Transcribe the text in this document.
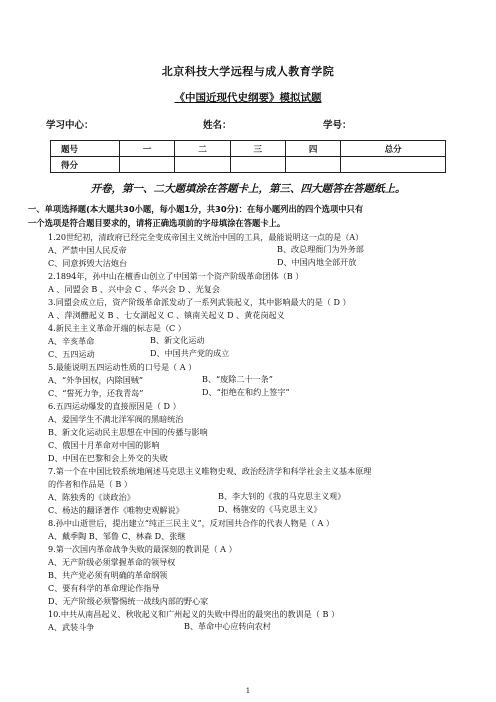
北京科技大学远程与成人教育学院
《中国近现代史纲要》模拟试题
学习中心：	姓名：	学号：
题号	一	二	三	四	总分
得分					
开卷，第一、二大题填涂在答题卡上，第三、四大题答在答题纸上。
一、单项选择题(本大题共30小题，每小题1分，共30分)：在每小题列出的四个选项中只有
一个选项是符合题目要求的，请将正确选项前的字母填涂在答题卡上。
1.20世纪初，清政府已经完全变成帝国主义统治中国的工具，最能说明这一点的是（A）
A、严禁中国人民反帝	B、改总理衙门为外务部
C、同意拆毁大沽炮台	D、中国内地全部开放
2.1894年，孙中山在檀香山创立了中国第一个资产阶级革命团体（B ）
A 、同盟会 B 、兴中会 C 、华兴会 D 、光复会
3.同盟会成立后，资产阶级革命派发动了一系列武装起义，其中影响最大的是（ D ）
A 、萍浏醴起义 B 、七女湖起义 C 、镇南关起义 D 、黄花岗起义
4.新民主主义革命开端的标志是（C ）
A、辛亥革命	B、新文化运动
C、五四运动	D、中国共产党的成立
5.最能说明五四运动性质的口号是（ A ）
A、“外争国权，内除国贼”	B、“废除二十一条”
C、“誓死力争，还我青岛”	D、“拒绝在和约上签字”
6.五四运动爆发的直接原因是（ D ）
A、爱国学生不满北洋军阀的黑暗统治
B、新文化运动民主思想在中国的传播与影响
C、俄国十月革命对中国的影响
D、中国在巴黎和会上外交的失败
7.第一个在中国比较系统地阐述马克思主义唯物史观、政治经济学和科学社会主义基本原理
的作者和作品是（ B ）
A、陈独秀的《谈政治》	B、李大钊的《我的马克思主义观》
C、杨达的翻译著作《唯物史观解说》	D、杨匏安的《马克思主义》
8.孙中山逝世后，提出建立“纯正三民主义”，反对国共合作的代表人物是（ A ）
A、戴季陶 B、邹鲁 C、林森 D、张继
9.第一次国内革命战争失败的最深刻的教训是（ A ）
A、无产阶级必须掌握革命的领导权
B、共产党必须有明确的革命纲领
C、要有科学的革命理论作指导
D、无产阶级必须警惕统一战线内部的野心家
10.中共从南昌起义、秋收起义和广州起义的失败中得出的最突出的教训是（ B ）
A、武装斗争	B、革命中心应转向农村
1
